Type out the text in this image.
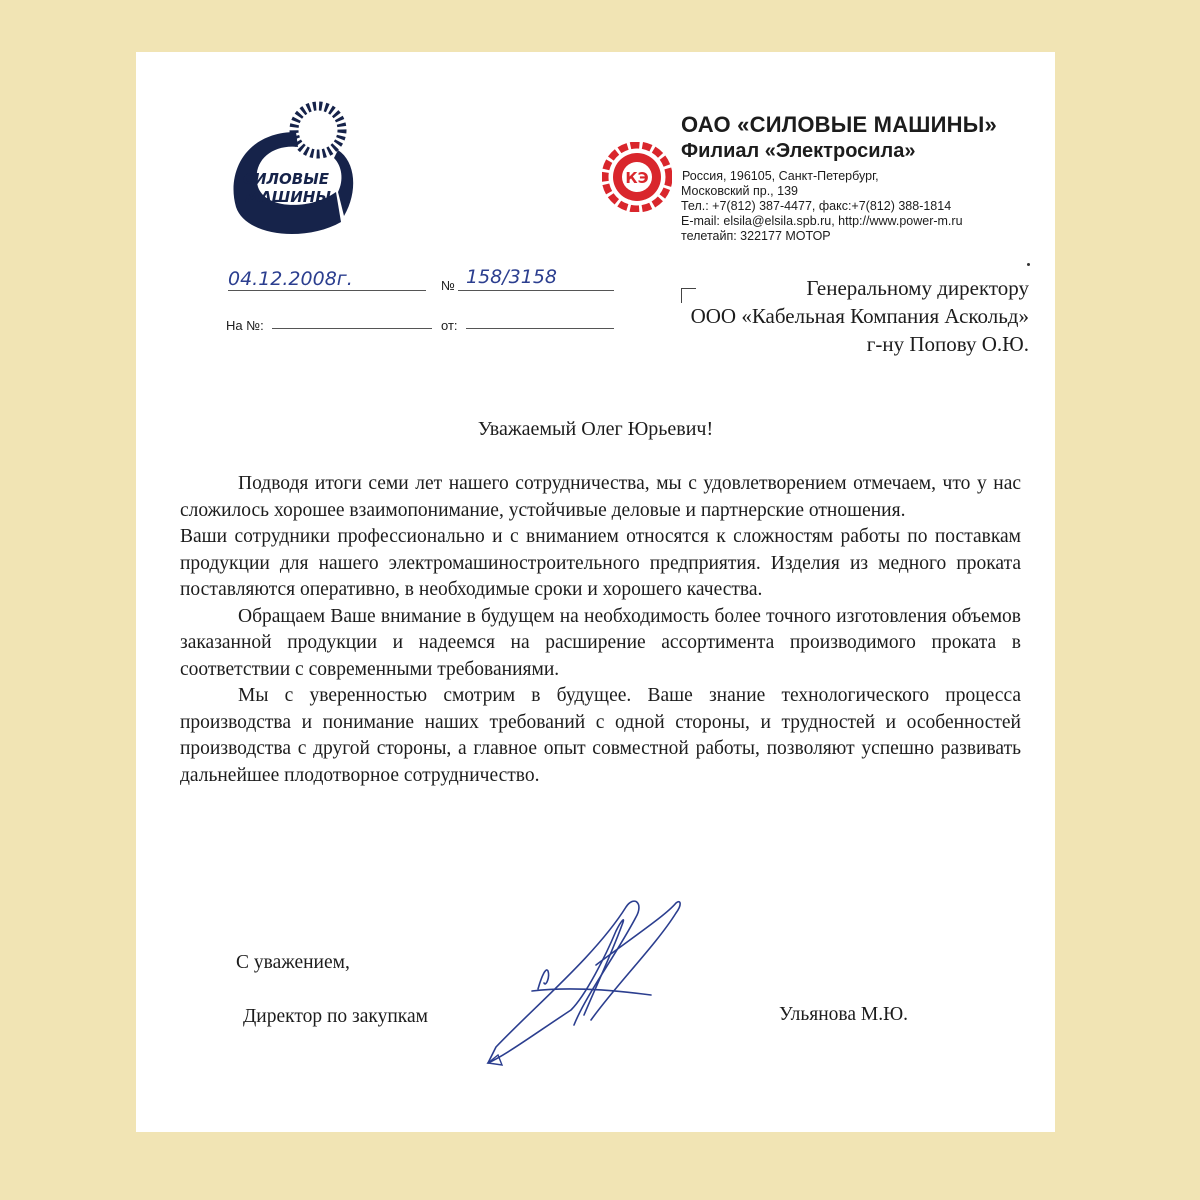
СИЛОВЫЕ
МАШИНЫ
КЭ
ОАО «СИЛОВЫЕ МАШИНЫ»
Филиал «Электросила»
Россия, 196105, Санкт-Петербург,
Московский пр., 139
Тел.: +7(812) 387-4477, факс:+7(812) 388-1814
E-mail: elsila@elsila.spb.ru, http://www.power-m.ru
телетайп: 322177 МОТОР
04.12.2008г.	№ 158/3158
На №:	от:
Генеральному директору
ООО «Кабельная Компания Аскольд»
г-ну Попову О.Ю.
Уважаемый Олег Юрьевич!

Подводя итоги семи лет нашего сотрудничества, мы с удовлетворением отмечаем, что у нас сложилось хорошее взаимопонимание, устойчивые деловые и партнерские отношения.

Ваши сотрудники профессионально и с вниманием относятся к сложностям работы по поставкам продукции для нашего электромашиностроительного предприятия. Изделия из медного проката поставляются оперативно, в необходимые сроки и хорошего качества.

Обращаем Ваше внимание в будущем на необходимость более точного изготовления объемов заказанной продукции и надеемся на расширение ассортимента производимого проката в соответствии с современными требованиями.

Мы с уверенностью смотрим в будущее. Ваше знание технологического процесса производства и понимание наших требований с одной стороны, и трудностей и особенностей производства с другой стороны, а главное опыт совместной работы, позволяют успешно развивать дальнейшее плодотворное сотрудничество.

С уважением,
Директор по закупкам	Ульянова М.Ю.
